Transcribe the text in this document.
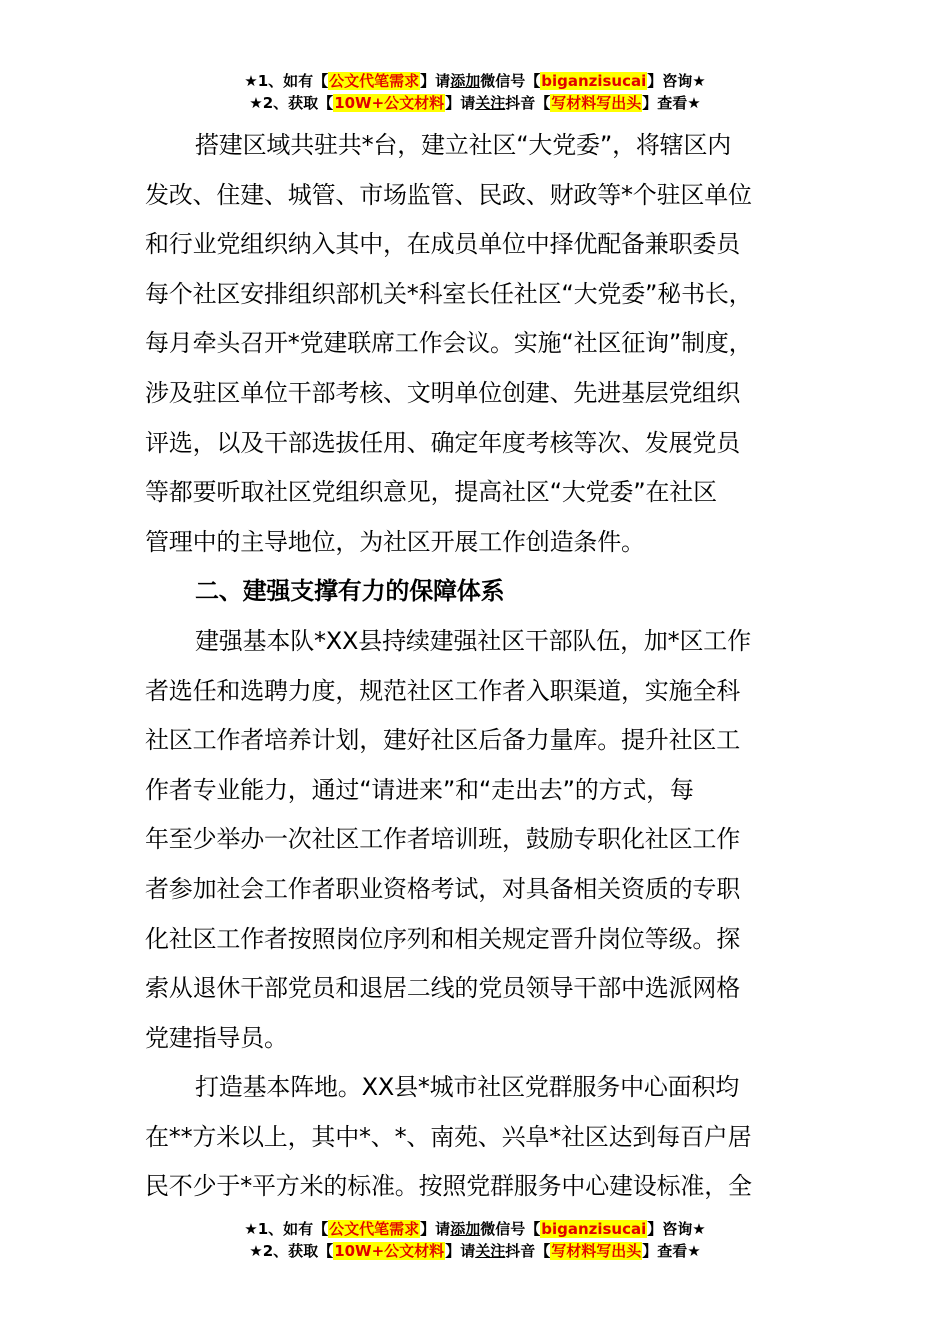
★1、如有【公文代笔需求】请添加微信号【biganzisucai】咨询★
★2、获取【10W+公文材料】请关注抖音【写材料写出头】查看★

搭建区域共驻共*台，建立社区“大党委”，将辖区内

发改、住建、城管、市场监管、民政、财政等*个驻区单位

和行业党组织纳入其中，在成员单位中择优配备兼职委员

每个社区安排组织部机关*科室长任社区“大党委”秘书长，

每月牵头召开*党建联席工作会议。实施“社区征询”制度，

涉及驻区单位干部考核、文明单位创建、先进基层党组织

评选，以及干部选拔任用、确定年度考核等次、发展党员

等都要听取社区党组织意见，提高社区“大党委”在社区

管理中的主导地位，为社区开展工作创造条件。

二、建强支撑有力的保障体系

建强基本队*XX县持续建强社区干部队伍，加*区工作

者选任和选聘力度，规范社区工作者入职渠道，实施全科

社区工作者培养计划，建好社区后备力量库。提升社区工

作者专业能力，通过“请进来”和“走出去”的方式，每

年至少举办一次社区工作者培训班，鼓励专职化社区工作

者参加社会工作者职业资格考试，对具备相关资质的专职

化社区工作者按照岗位序列和相关规定晋升岗位等级。探

索从退休干部党员和退居二线的党员领导干部中选派网格

党建指导员。

打造基本阵地。XX县*城市社区党群服务中心面积均

在**方米以上，其中*、*、南苑、兴阜*社区达到每百户居

民不少于*平方米的标准。按照党群服务中心建设标准，全

★1、如有【公文代笔需求】请添加微信号【biganzisucai】咨询★
★2、获取【10W+公文材料】请关注抖音【写材料写出头】查看★
